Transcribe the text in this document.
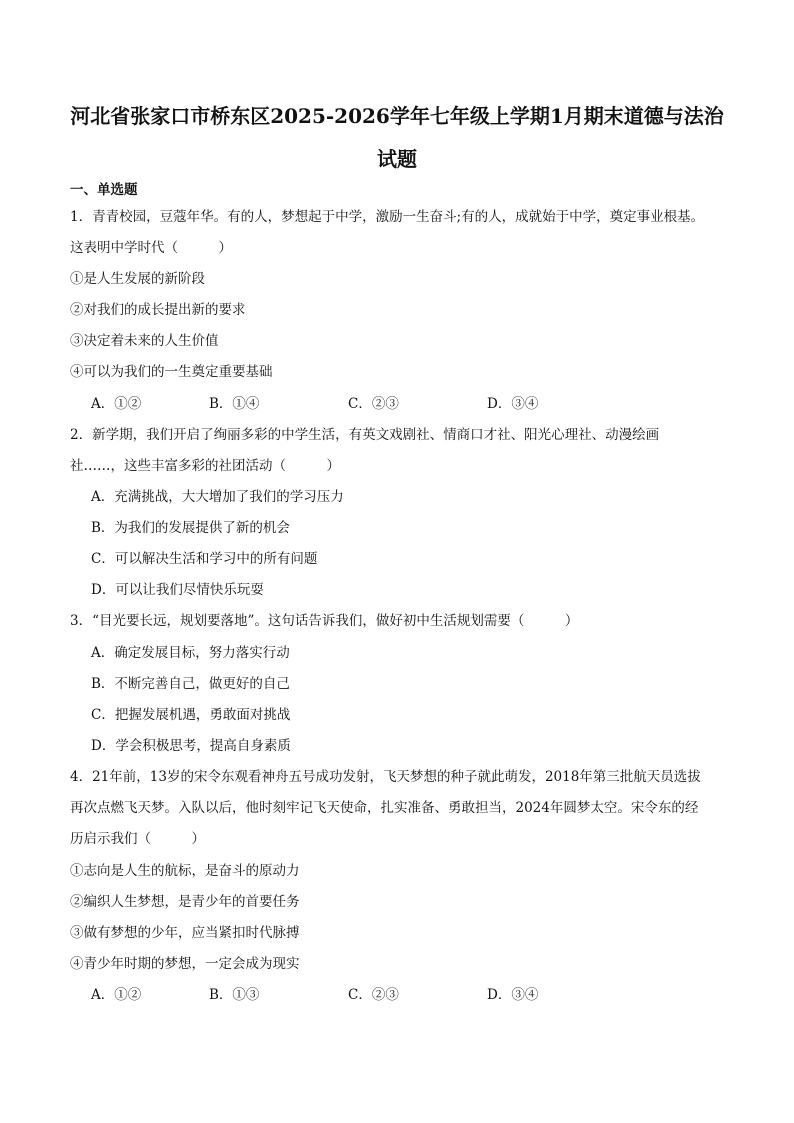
河北省张家口市桥东区2025-2026学年七年级上学期1月期末道德与法治
试题

一、单选题

1．青青校园，豆蔻年华。有的人，梦想起于中学，激励一生奋斗;有的人，成就始于中学，奠定事业根基。

这表明中学时代（　　　）

①是人生发展的新阶段

②对我们的成长提出新的要求

③决定着未来的人生价值

④可以为我们的一生奠定重要基础

A．①②	B．①④	C．②③	D．③④

2．新学期，我们开启了绚丽多彩的中学生活，有英文戏剧社、情商口才社、阳光心理社、动漫绘画

社……，这些丰富多彩的社团活动（　　　）

A．充满挑战，大大增加了我们的学习压力

B．为我们的发展提供了新的机会

C．可以解决生活和学习中的所有问题

D．可以让我们尽情快乐玩耍

3．“目光要长远，规划要落地”。这句话告诉我们，做好初中生活规划需要（　　　）

A．确定发展目标，努力落实行动

B．不断完善自己，做更好的自己

C．把握发展机遇，勇敢面对挑战

D．学会积极思考，提高自身素质

4．21年前，13岁的宋令东观看神舟五号成功发射，飞天梦想的种子就此萌发，2018年第三批航天员选拔

再次点燃飞天梦。入队以后，他时刻牢记飞天使命，扎实准备、勇敢担当，2024年圆梦太空。宋令东的经

历启示我们（　　　）

①志向是人生的航标，是奋斗的原动力

②编织人生梦想，是青少年的首要任务

③做有梦想的少年，应当紧扣时代脉搏

④青少年时期的梦想，一定会成为现实

A．①②	B．①③	C．②③	D．③④
